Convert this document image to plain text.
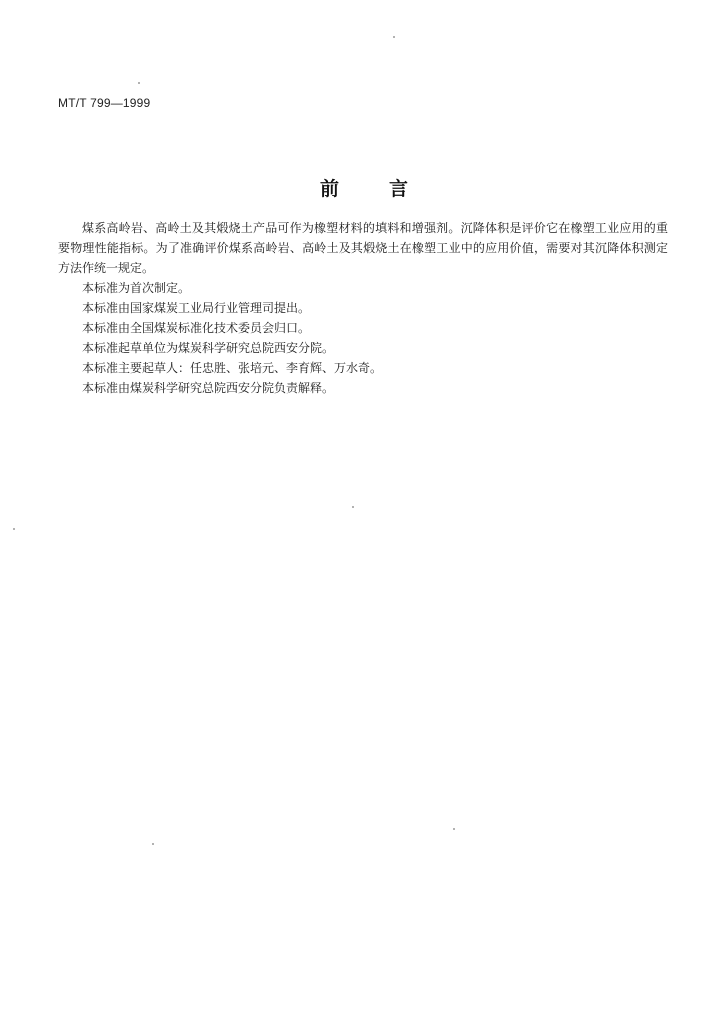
MT/T 799—1999
前	言

煤系高岭岩、高岭土及其煅烧土产品可作为橡塑材料的填料和增强剂。沉降体积是评价它在橡塑工业应用的重要物理性能指标。为了准确评价煤系高岭岩、高岭土及其煅烧土在橡塑工业中的应用价值，需要对其沉降体积测定方法作统一规定。

本标准为首次制定。

本标准由国家煤炭工业局行业管理司提出。

本标准由全国煤炭标准化技术委员会归口。

本标准起草单位为煤炭科学研究总院西安分院。

本标准主要起草人：任忠胜、张培元、李育辉、万水奇。

本标准由煤炭科学研究总院西安分院负责解释。
